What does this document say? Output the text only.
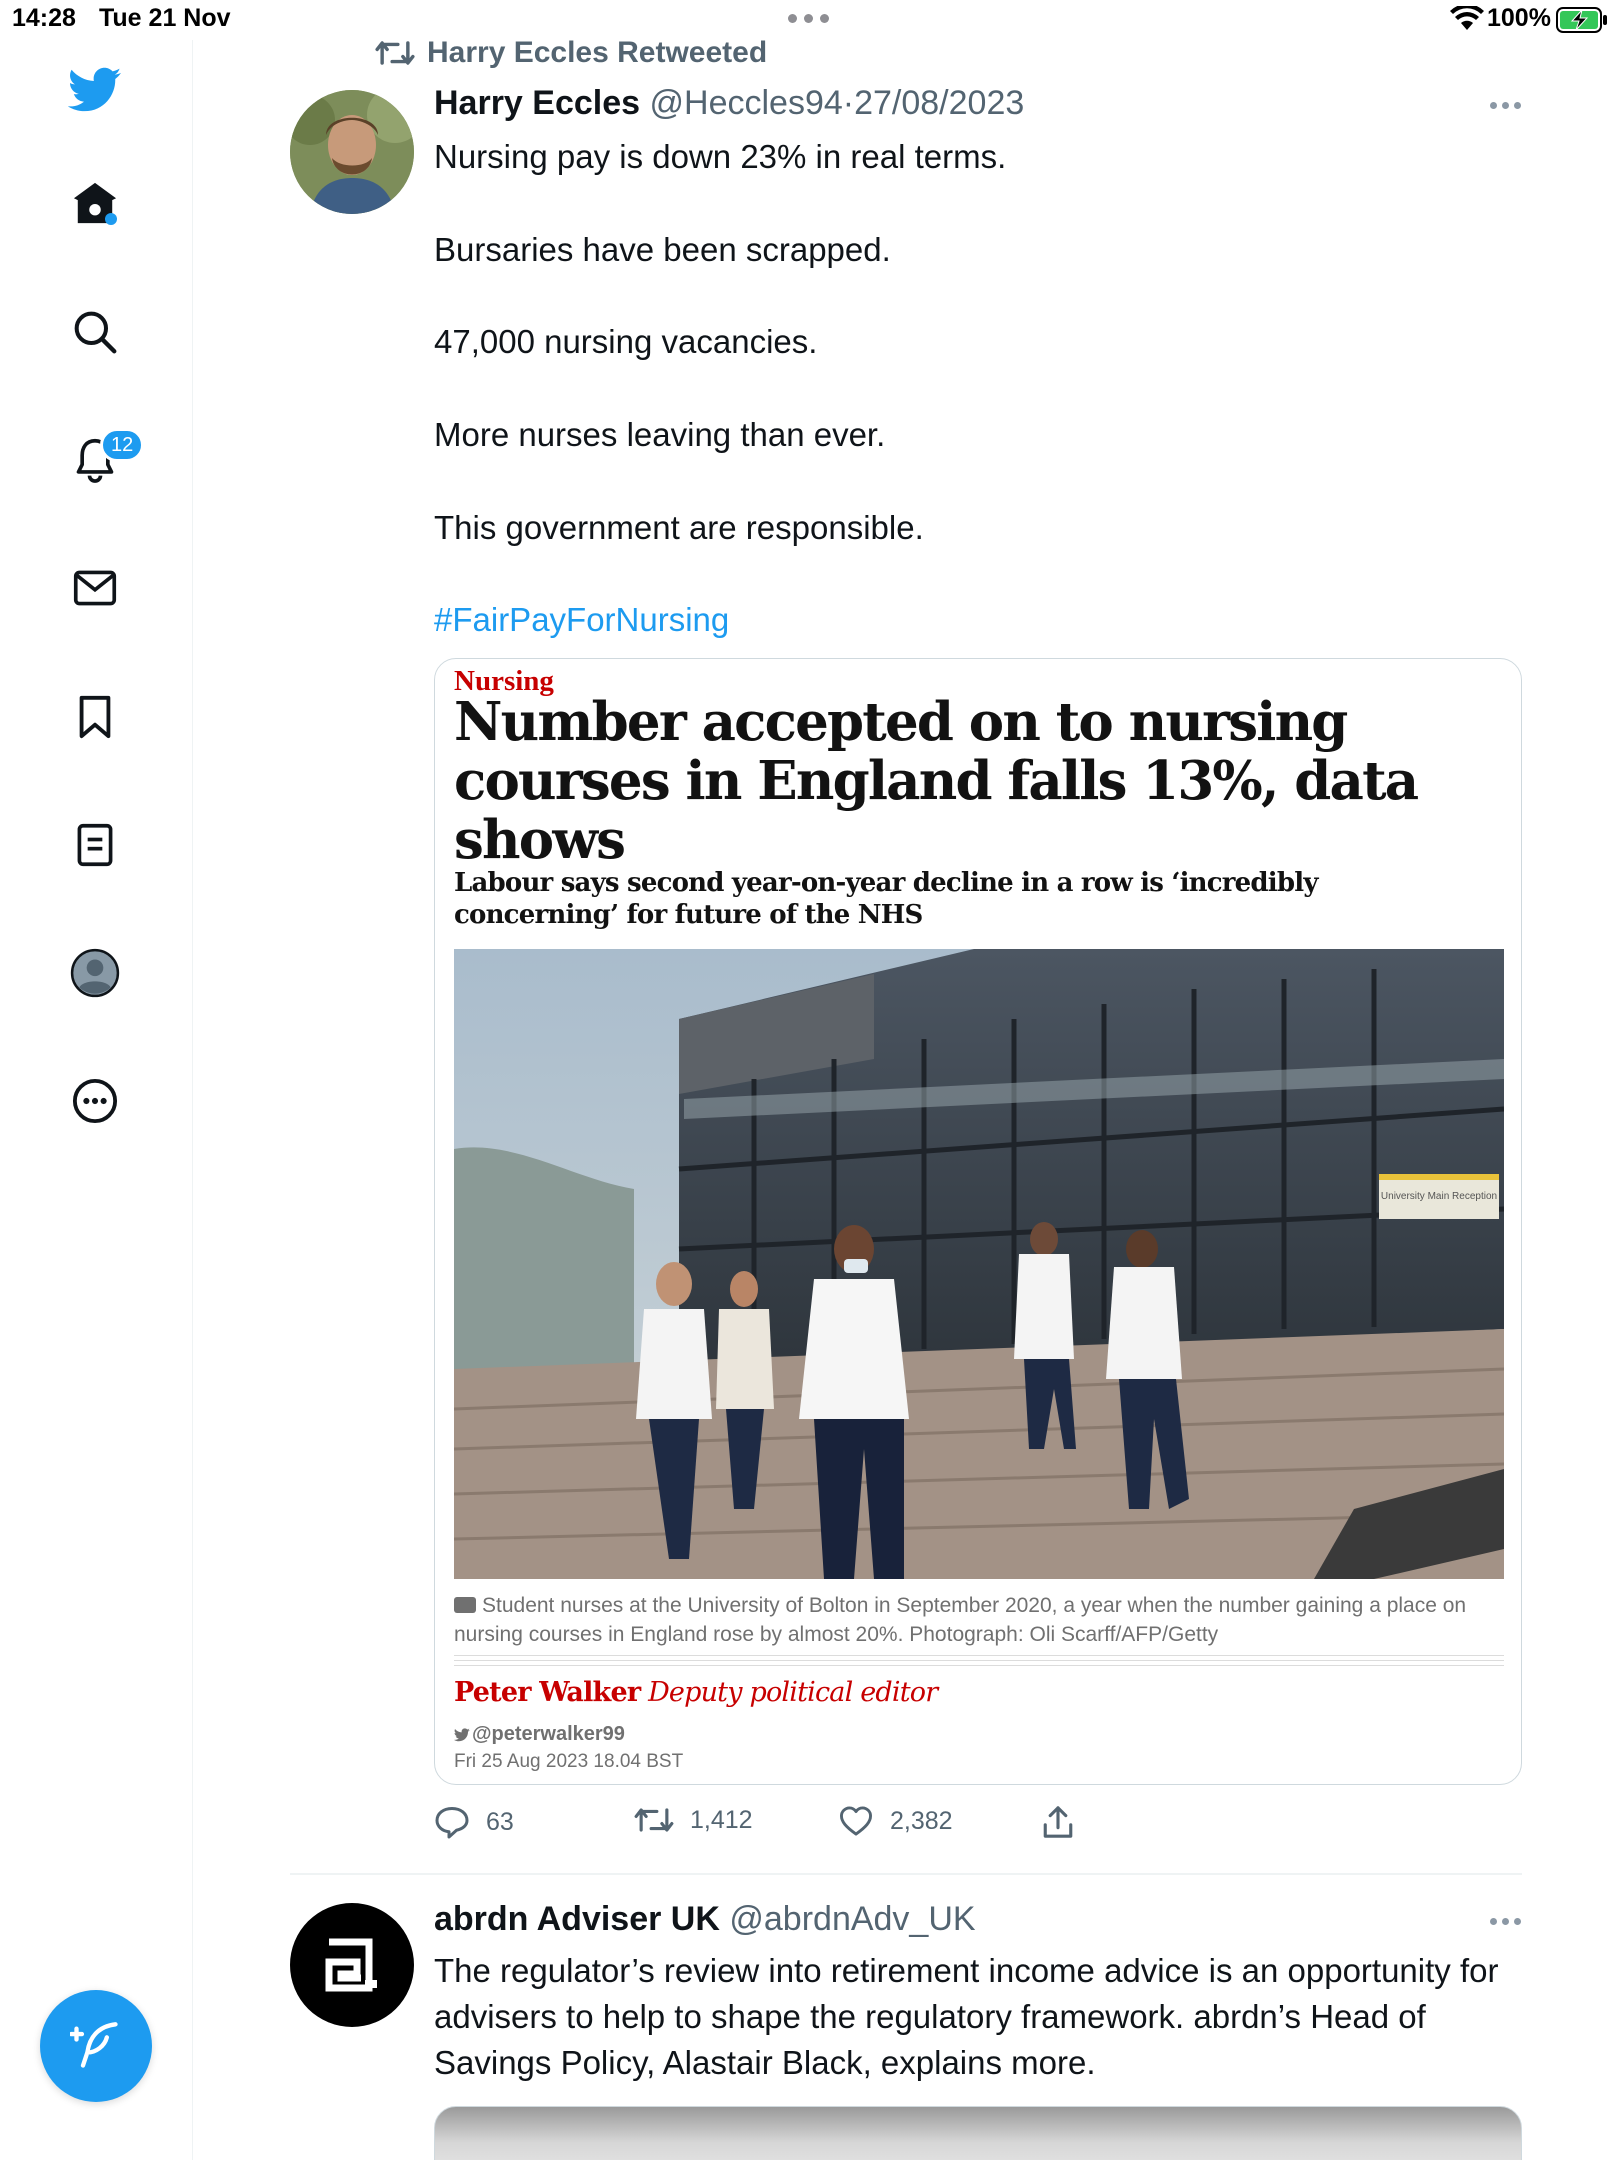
14:28 Tue 21 Nov	100%
12
Harry Eccles Retweeted
Harry Eccles @Heccles94·27/08/2023

Nursing pay is down 23% in real terms.

Bursaries have been scrapped.

47,000 nursing vacancies.

More nurses leaving than ever.

This government are responsible.

#FairPayForNursing

Nursing
Number accepted on to nursing courses in England falls 13%, data shows
Labour says second year-on-year decline in a row is ‘incredibly concerning’ for future of the NHS
University Main Reception
Student nurses at the University of Bolton in September 2020, a year when the number gaining a place on nursing courses in England rose by almost 20%. Photograph: Oli Scarff/AFP/Getty
Peter Walker Deputy political editor
@peterwalker99
Fri 25 Aug 2023 18.04 BST
63	1,412	2,382
abrdn Adviser UK @abrdnAdv_UK
The regulator’s review into retirement income advice is an opportunity for advisers to help to shape the regulatory framework. abrdn’s Head of Savings Policy, Alastair Black, explains more.
